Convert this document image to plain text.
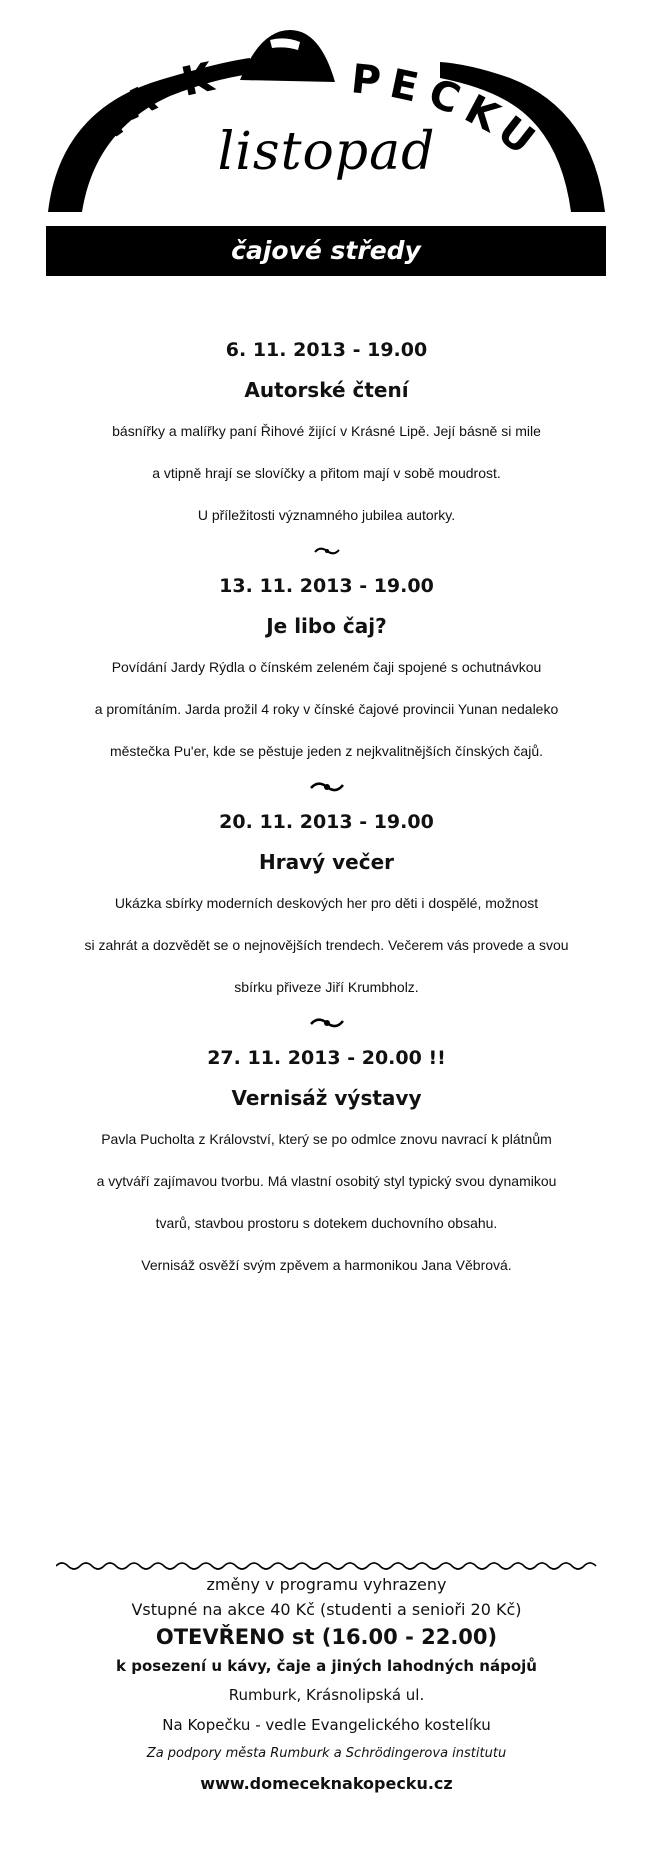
N
A K	P E Č
K
U
listopad
čajové středy

6. 11. 2013 - 19.00

Autorské čtení

básnířky a malířky paní Řihové žijící v Krásné Lipě. Její básně si mile

a vtipně hrají se slovíčky a přitom mají v sobě moudrost.

U příležitosti významného jubilea autorky.

13. 11. 2013 - 19.00

Je libo čaj?

Povídání Jardy Rýdla o čínském zeleném čaji spojené s ochutnávkou

a promítáním. Jarda prožil 4 roky v čínské čajové provincii Yunan nedaleko

městečka Pu'er, kde se pěstuje jeden z nejkvalitnějších čínských čajů.

20. 11. 2013 - 19.00

Hravý večer

Ukázka sbírky moderních deskových her pro děti i dospělé, možnost

si zahrát a dozvědět se o nejnovějších trendech. Večerem vás provede a svou

sbírku přiveze Jiří Krumbholz.

27. 11. 2013 - 20.00 !!

Vernisáž výstavy

Pavla Pucholta z Království, který se po odmlce znovu navrací k plátnům

a vytváří zajímavou tvorbu. Má vlastní osobitý styl typický svou dynamikou

tvarů, stavbou prostoru s dotekem duchovního obsahu.

Vernisáž osvěží svým zpěvem a harmonikou Jana Věbrová.

změny v programu vyhrazeny

Vstupné na akce 40 Kč (studenti a senioři 20 Kč)

OTEVŘENO st (16.00 - 22.00)

k posezení u kávy, čaje a jiných lahodných nápojů

Rumburk, Krásnolipská ul.

Na Kopečku - vedle Evangelického kostelíku

Za podpory města Rumburk a Schrödingerova institutu

www.domeceknakopecku.cz
